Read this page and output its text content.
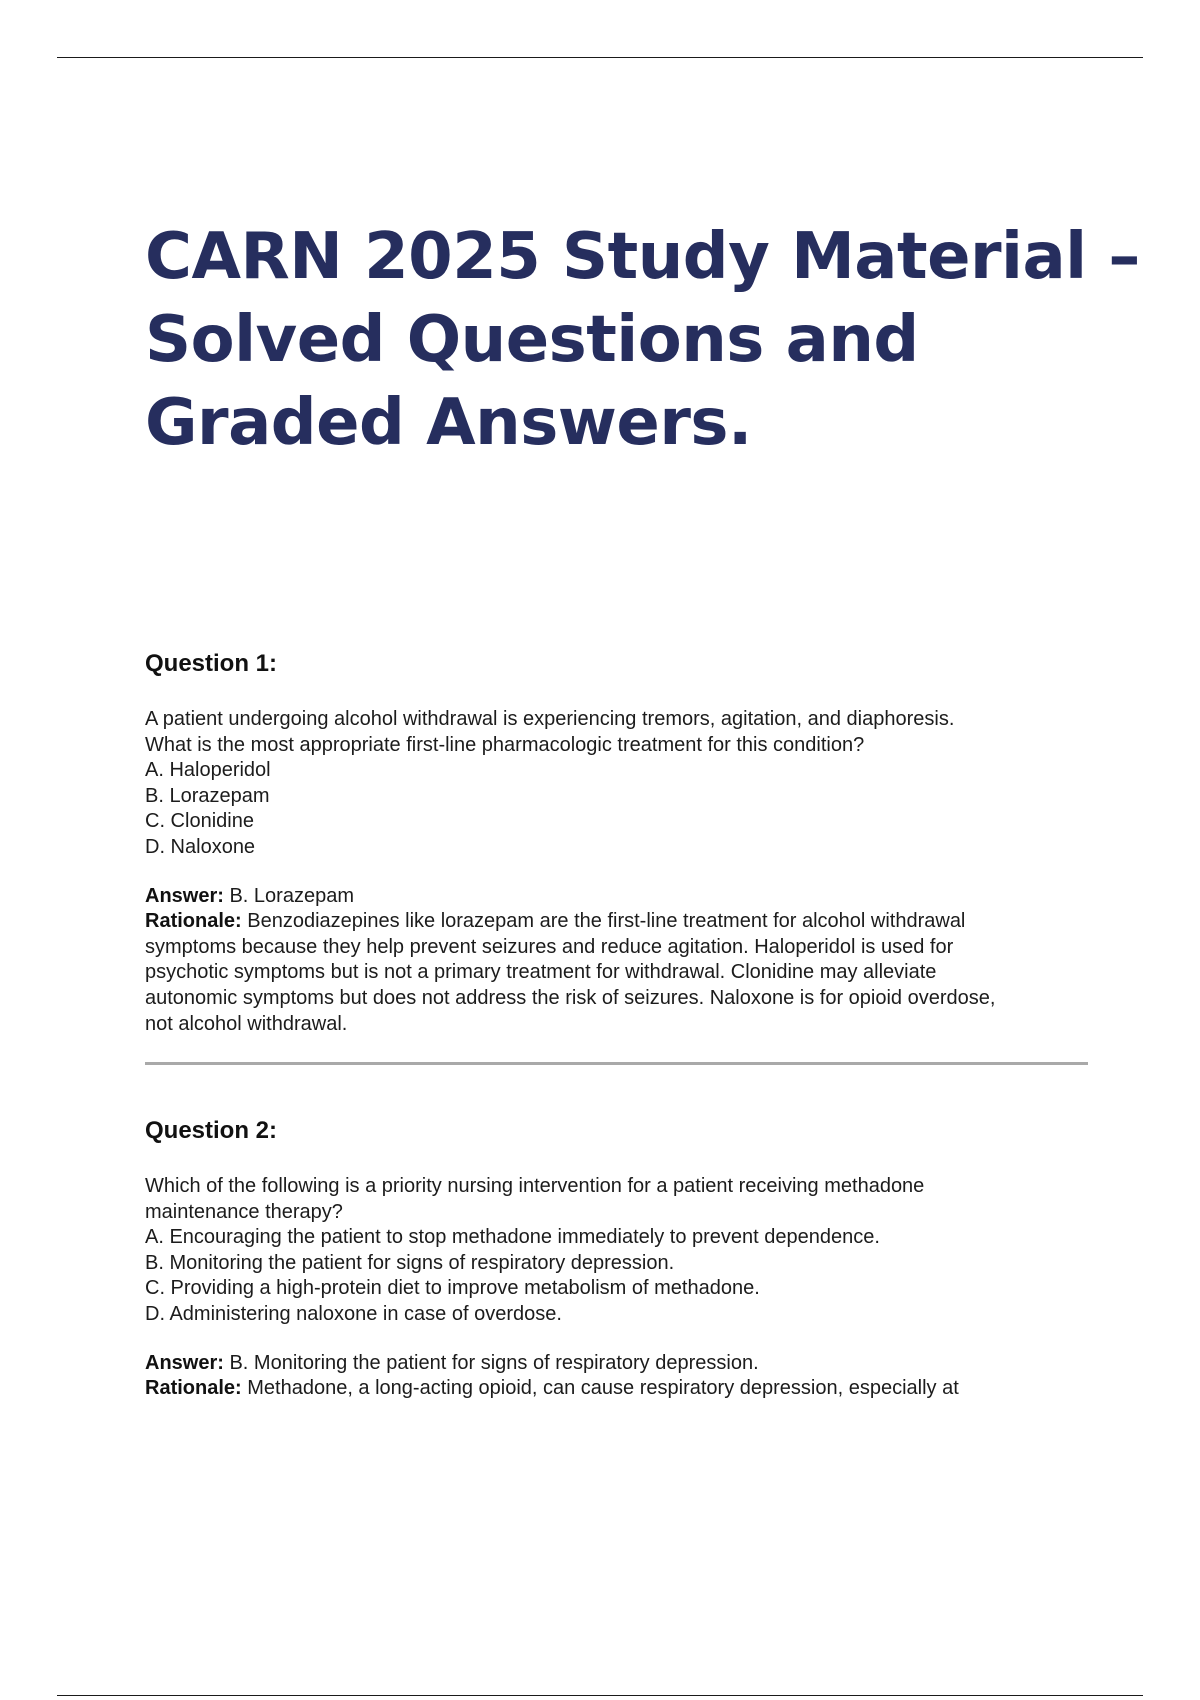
CARN 2025 Study Material –
Solved Questions and
Graded Answers.
Question 1:
A patient undergoing alcohol withdrawal is experiencing tremors, agitation, and diaphoresis.
What is the most appropriate first-line pharmacologic treatment for this condition?
A. Haloperidol
B. Lorazepam
C. Clonidine
D. Naloxone
Answer: B. Lorazepam
Rationale: Benzodiazepines like lorazepam are the first-line treatment for alcohol withdrawal
symptoms because they help prevent seizures and reduce agitation. Haloperidol is used for
psychotic symptoms but is not a primary treatment for withdrawal. Clonidine may alleviate
autonomic symptoms but does not address the risk of seizures. Naloxone is for opioid overdose,
not alcohol withdrawal.
Question 2:
Which of the following is a priority nursing intervention for a patient receiving methadone
maintenance therapy?
A. Encouraging the patient to stop methadone immediately to prevent dependence.
B. Monitoring the patient for signs of respiratory depression.
C. Providing a high-protein diet to improve metabolism of methadone.
D. Administering naloxone in case of overdose.
Answer: B. Monitoring the patient for signs of respiratory depression.
Rationale: Methadone, a long-acting opioid, can cause respiratory depression, especially at
